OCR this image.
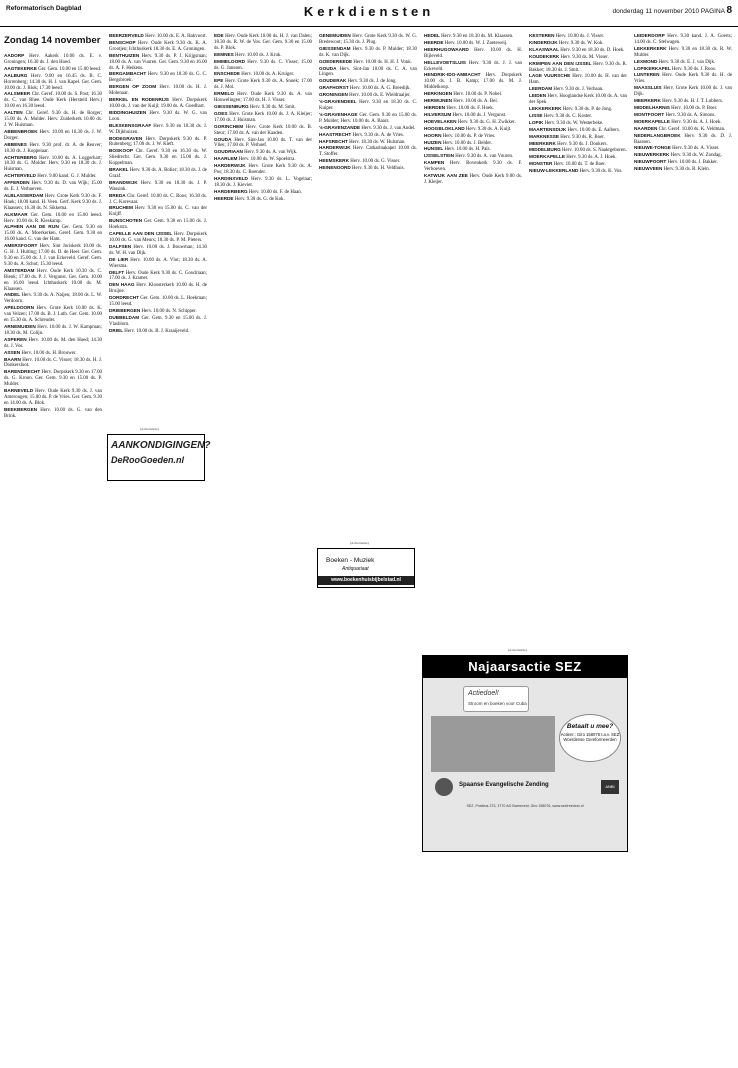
Reformatorisch Dagblad	Kerkdiensten	donderdag 11 november 2010 PAGINA 8
Zondag 14 november

AADORP Herv. Aakerk 10.00 ds. E. v. Groningen; 16.30 ds. J. den Hoed.

AAGTEKERKE Ger. Gem. 10.00 en 15.00 leesd.

AALBURG Herv. 9.00 en 16.45 ds. B. C. Horrenberg; 14.30 ds. H. J. van Kapel. Ger. Gem. 10.00 ds. J. Blok; 17.30 leesd.

AALSMEER Chr. Geref. 10.00 ds. S. Post; 16.30 ds. C. van Rhee. Oude Kerk (Hersteld Herv.) 10.00 en 16.30 leesd.

AALTEN Chr. Geref. 9.30 ds. H. de Borger; 15.00 ds. A. Mulder. Herv. Zuiderkerk 10.00 ds. J. W. Huisman.

ABBENBROEK Herv. 10.00 en 16.30 ds. J. W. Dorger.

ABBENES Herv. 9.30 prof. dr. A. de Reuver; 18.30 ds. J. Koppelaar.

ACHTERBERG Herv. 10.00 ds. A. Loggerhart; 18.30 ds. G. Molder. Herv. 9.30 en 18.30 ds. J. Huisman.

ACHTERVELD Herv. 9.00 kand. G. J. Mulder.

AFFERDEN Herv. 9.30 ds. D. van Wijk; 15.00 ds. E. J. Verhoeven.

ALBLASSERDAM Herv. Grote Kerk 9.30 ds. F. Hoek; 18.00 kand. H. Veen. Gerf. Kerk 9.30 ds. J. Klaassen; 16.30 ds. N. Sikkema.

ALKMAAR Ger. Gem. 10.00 en 15.00 leesd. Herv. 10.00 ds. R. Kieskamp.

ALPHEN AAN DE RIJN Ger. Gem. 9.30 en 15.00 ds. A. Moerkerken. Geref. Gem. 9.30 en 16.00 kand. G. van der Ham.

AMERSFOORT Herv. Sint Joriskerk 10.00 ds. G. H. J. Huiting; 17.00 ds. D. de Heer. Ger. Gem. 9.30 en 15.00 ds. J. J. van Eckeveld. Geref. Gem. 9.30 ds. A. Schot; 15.30 leesd.

AMSTERDAM Herv. Oude Kerk 10.30 ds. C. Blenk; 17.00 ds. P. J. Vergunst. Ger. Gem. 10.00 en 16.00 leesd. Ichthuskerk 10.00 ds. M. Klaassen.

ANDEL Herv. 9.30 ds. A. Naijen; 18.00 ds. L. W. Verdoorn.

APELDOORN Herv. Grote Kerk 10.00 ds. K. van Velzen; 17.00 ds. B. J. Luth. Ger. Gem. 10.00 en 15.30 ds. A. Schreuder.

ARNEMUIDEN Herv. 10.00 ds. J. W. Kampman; 18.30 ds. M. Colijn.

ASPEREN Herv. 10.00 ds. M. den Hoed; 14.30 ds. J. Vos.

ASSEN Herv. 10.00 ds. H. Brouwer.

BAARN Herv. 10.00 ds. C. Visser; 18.30 ds. H. J. Donkersloot.

BARENDRECHT Herv. Dorpskerk 9.30 en 17.00 ds. G. Kroon. Ger. Gem. 9.30 en 15.00 ds. P. Mulder.

BARNEVELD Herv. Oude Kerk 9.30 ds. J. van Amerongen; 15.00 ds. P. de Vries. Ger. Gem. 9.30 en 14.00 ds. A. Blok.

BEEKBERGEN Herv. 10.00 ds. G. van den Brink.

BEERZERVELD Herv. 10.00 ds. E. A. Hakvoort.

BENSCHOP Herv. Oude Kerk 9.30 ds. K. A. Grootjen; Ichthuskerk 18.30 ds. E. A. Groningen.

BENTHUIZEN Herv. 9.30 ds. P. J. Krijgsman; 18.00 ds. A. van Vuuren. Ger. Gem. 9.30 en 16.00 ds. A. F. Heikens.

BERGAMBACHT Herv. 9.30 en 18.30 ds. G. C. Bergsbroek.

BERGEN OP ZOOM Herv. 10.00 ds. H. J. Molenaar.

BERKEL EN RODENRIJS Herv. Dorpskerk 10.00 ds. J. van der Kuijl; 19.00 ds. A. Goedhart.

BIDDINGHUIZEN Herv. 9.30 ds. W. G. van Loon.

BLESKENSGRAAF Herv. 9.30 en 18.30 ds. J. W. Dijkhuizen.

BODEGRAVEN Herv. Dorpskerk 9.30 ds. P. Ruitenberg; 17.00 ds. J. W. Kieft.

BOSKOOP Chr. Geref. 9.30 en 16.30 ds. W. Sliedrecht. Ger. Gem. 9.30 en 15.00 ds. J. Koppelman.

BRAKEL Herv. 9.30 ds. A. Bolier; 18.30 ds. J. de Graaf.

BRANDWIJK Herv. 9.30 en 18.30 ds. J. P. Wassink.

BREDA Chr. Geref. 10.00 ds. C. Roos; 16.30 ds. J. C. Korevaar.

BRUCHEM Herv. 9.30 en 15.00 ds. C. van der Knijff.

BUNSCHOTEN Ger. Gem. 9.30 en 15.00 ds. J. Hoekstra.

CAPELLE AAN DEN IJSSEL Herv. Dorpskerk 10.00 ds. G. van Meurs; 18.30 ds. P. M. Pieters.

DALFSEN Herv. 10.00 ds. J. Bouwman; 14.30 ds. W. H. van Dijk.

DE LIER Herv. 10.00 ds. A. Vlot; 18.30 ds. A. Wiersma.

DELFT Herv. Oude Kerk 9.30 ds. C. Goudriaan; 17.00 ds. J. Kramer.

DEN HAAG Herv. Kloosterkerk 10.00 ds. H. de Bruijne.

DORDRECHT Ger. Gem. 10.00 ds. L. Hoekman; 15.00 leesd.

DRIEBERGEN Herv. 10.00 ds. N. Schipper.

DUBBELDAM Ger. Gem. 9.30 en 15.00 ds. J. Vlasblom.

DRIEL Herv. 10.00 ds. B. J. Kraaijeveld.

EDE Herv. Oude Kerk 10.00 ds. H. J. van Dalen; 18.30 ds. R. W. de Vos. Ger. Gem. 9.30 en 15.00 ds. P. Blok.

EEMNES Herv. 10.00 ds. J. Kruk.

EMMELOORD Herv. 9.30 ds. C. Visser; 15.00 ds. G. Janssen.

ENSCHEDE Herv. 10.00 ds. A. Kruiger.

EPE Herv. Grote Kerk 9.30 ds. A. Snoek; 17.00 ds. J. Mol.

ERMELO Herv. Oude Kerk 9.30 ds. A. van Houwelingen; 17.00 ds. H. J. Visser.

GIESSENBURG Herv. 9.30 ds. M. Smit.

GOES Herv. Grote Kerk 10.00 ds. J. A. Kleijer; 17.00 ds. J. Huisman.

GORINCHEM Herv. Grote Kerk 10.00 ds. B. Steur; 17.00 ds. A. van der Kaaden.

GOUDA Herv. Sint-Jan 10.00 ds. T. van der Vlies; 17.00 ds. P. Verhoef.

GOUDRIAAN Herv. 9.30 ds. A. van Wijk.

HAARLEM Herv. 10.00 ds. W. Spoelstra.

HARDERWIJK Herv. Grote Kerk 9.30 ds. A. Pos; 18.30 ds. C. Boender.

HARDINXVELD Herv. 9.30 ds. L. Vogelaar; 18.30 ds. J. Kieviet.

HARDERBERG Herv. 10.00 ds. F. de Haan.

HEERDE Herv. 9.30 ds. G. de Kok.

GENEMUIDEN Herv. Grote Kerk 9.30 ds. W. G. Bredewout; 15.30 ds. J. Plug.

GIESSENDAM Herv. 9.30 ds. P. Mulder; 18.30 ds. K. van Dijk.

GOEDEREEDE Herv. 10.00 ds. H. H. J. Vonk.

GOUDA Herv. Sint-Jan 10.00 ds. C. A. van Lingen.

GOUDERAK Herv. 9.30 ds. J. de Jong.

GRAFHORST Herv. 10.00 ds. A. G. Breedijk.

GRONINGEN Herv. 10.00 ds. E. Wieldraaijer.

's-GRAVENDEEL Herv. 9.30 en 18.30 ds. C. Kuiper.

's-GRAVENHAGE Ger. Gem. 9.30 en 15.00 ds. P. Mulder; Herv. 10.00 ds. A. Baars.

's-GRAVENZANDE Herv. 9.30 ds. J. van Andel.

HAASTRECHT Herv. 9.30 ds. A. de Vries.

HAFSRECHT Herv. 18.30 ds. W. Hulsman.

HARDERWIJK Herv. Catharinakapel 10.00 ds. T. Stoffer.

HEEMSKERK Herv. 10.00 ds. G. Visser.

HEINENOORD Herv. 9.30 ds. H. Veldhuis.

HEDEL Herv. 9.30 en 18.30 ds. M. Klaassen.

HEERDE Herv. 10.00 ds. W. J. Zoeteweij.

HEERHUGOWAARD Herv. 10.00 ds. H. Bijleveld.

HELLEVOETSLUIS Herv. 9.30 ds. J. J. van Eckeveld.

HENDRIK-IDO-AMBACHT Herv. Dorpskerk 10.00 ds. J. B. Kamp; 17.00 ds. M. J. Middelkoop.

HERKINGEN Herv. 10.00 ds. P. Nobel.

HERWIJNEN Herv. 10.00 ds. A. Bel.

HIERDEN Herv. 10.00 ds. F. Hoek.

HILVERSUM Herv. 10.00 ds. J. Vergunst.

HOEVELAKEN Herv. 9.30 ds. G. H. Zwikker.

HOOGBLOKLAND Herv. 9.30 ds. A. Kuijt.

HOORN Herv. 10.00 ds. P. de Vries.

HUIZEN Herv. 10.00 ds. J. Belder.

HUNSEL Herv. 10.00 ds. H. Pals.

IJSSELSTEIN Herv. 9.30 ds. A. van Vuuren.

KAMPEN Herv. Bovenkerk 9.30 ds. F. Verhoeven.

KATWIJK AAN ZEE Herv. Oude Kerk 9.00 ds. J. Kleijer.

KESTEREN Herv. 10.00 ds. J. Visser.

KINDERDIJK Herv. 9.30 ds. W. Kok.

KLAASWAAL Herv. 9.30 en 18.30 ds. D. Hoek.

KOUDEKERK Herv. 9.30 ds. M. Visser.

KRIMPEN AAN DEN IJSSEL Herv. 9.30 ds. R. Bakker; 18.30 ds. J. Smit.

LAGE VUURSCHE Herv. 10.00 ds. H. van der Ham.

LEERDAM Herv. 9.30 ds. J. Verbaan.

LEIDEN Herv. Hooglandse Kerk 10.00 ds. A. van der Spek.

LEKKERKERK Herv. 9.30 ds. P. de Jong.

LISSE Herv. 9.30 ds. C. Koster.

LOPIK Herv. 9.30 ds. W. Westerbeke.

MAARTENSDIJK Herv. 10.00 ds. E. Aalbers.

MARKNESSE Herv. 9.30 ds. R. Boer.

MEERKERK Herv. 9.30 ds. J. Donkers.

MIDDELBURG Herv. 10.00 ds. S. Naaktgeboren.

MOERKAPELLE Herv. 9.30 ds. A. J. Hoek.

MONSTER Herv. 10.00 ds. T. de Boer.

NIEUW-LEKKERLAND Herv. 9.30 ds. K. Vos.

LEIDERDORP Herv. 9.30 kand. J. A. Goerts; 14.00 ds. C. Stelwagen.

LEKKERKERK Herv. 9.30 en 18.30 ds. R. W. Mulder.

LEXMOND Herv. 9.30 ds. E. J. van Dijk.

LOPIKERKAPEL Herv. 9.30 ds. J. Roos.

LUNTEREN Herv. Oude Kerk 9.30 ds. H. de Vries.

MAASSLUIS Herv. Grote Kerk 10.00 ds. J. van Dijk.

MEERKERK Herv. 9.30 ds. H. J. T. Lubbers.

MIDDELHARNIS Herv. 10.00 ds. P. Boer.

MONTFOORT Herv. 9.30 ds. A. Simons.

MOERKAPELLE Herv. 9.30 ds. A. J. Hoek.

NAARDEN Chr. Geref. 10.00 ds. K. Veldman.

NEDERLANGBROEK Herv. 9.30 ds. D. J. Baarsen.

NIEUWE-TONGE Herv. 9.30 ds. A. Visser.

NIEUWERKERK Herv. 9.30 ds. W. Zondag.

NIEUWPOORT Herv. 10.00 ds. J. Bakker.

NIEUWVEEN Herv. 9.30 ds. R. Klein.

(Advertentie)
AANKONDIGINGEN?
DeRooGoeden.nl
(Advertentie)
Boeken - Muziek
Antiquariaat
www.boekenhuisbijbelstad.nl
(Advertentie)
Najaarsactie SEZ
Actiedoel!
Stroom en boeken voor Cuba
Betaalt u mee?
Actienr.: Giro 158076 t.a.v. SEZ Woerdense Gereformeerden
Spaanse Evangelische Zending	ANBI
SEZ, Postbus 273, 3770 AG Barneveld, Giro 158076, www.sezfreedom.nl
